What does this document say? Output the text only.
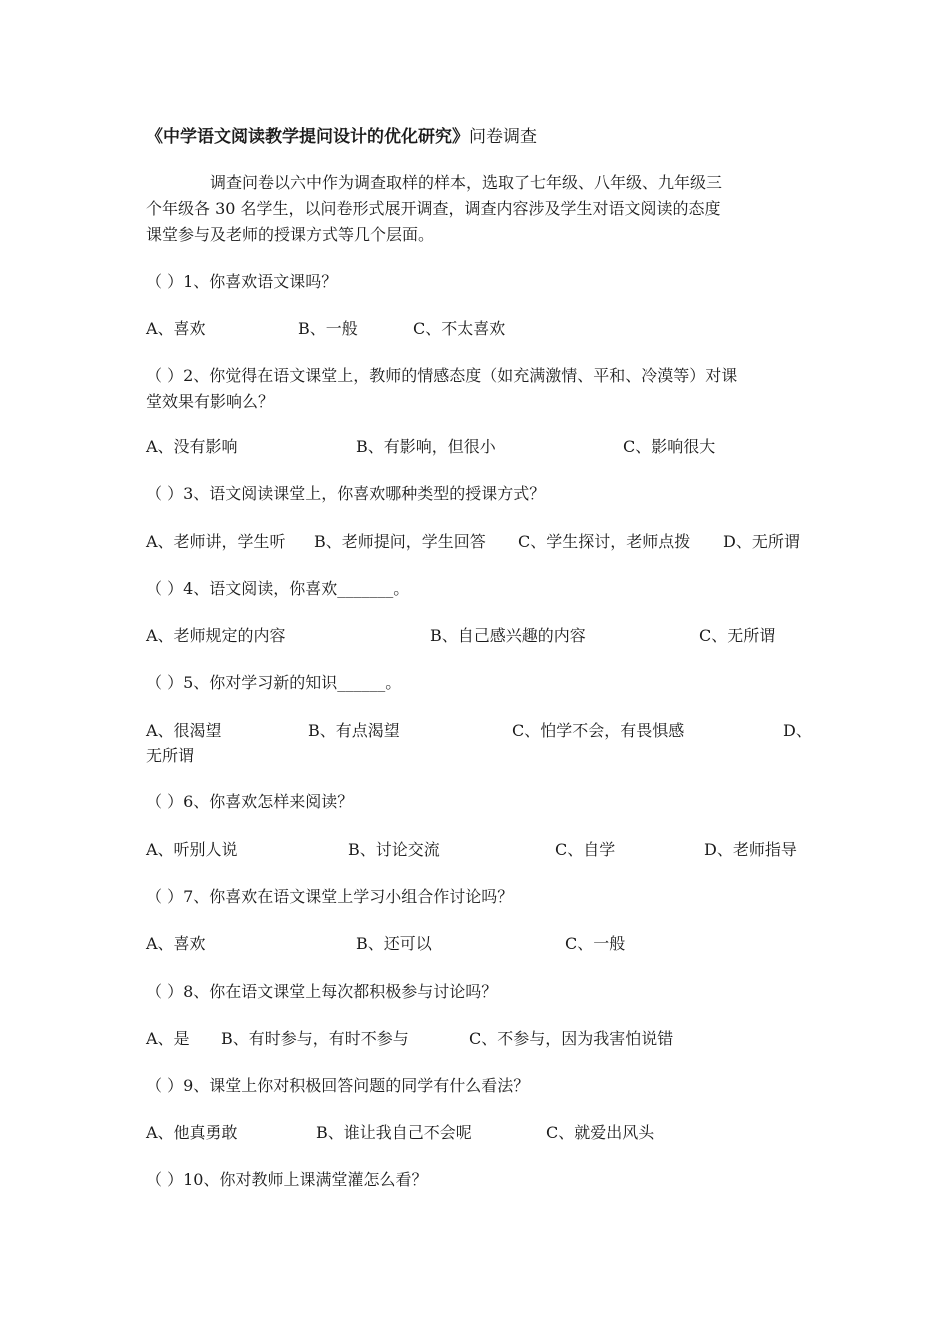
《中学语文阅读教学提问设计的优化研究》问卷调查
调查问卷以六中作为调查取样的样本，选取了七年级、八年级、九年级三
个年级各 30 名学生，以问卷形式展开调查，调查内容涉及学生对语文阅读的态度
课堂参与及老师的授课方式等几个层面。
（ ）1、你喜欢语文课吗？
A、喜欢	B、一般	C、不太喜欢
（ ）2、你觉得在语文课堂上，教师的情感态度（如充满激情、平和、冷漠等）对课
堂效果有影响么？
A、没有影响	B、有影响，但很小	C、影响很大
（ ）3、语文阅读课堂上，你喜欢哪种类型的授课方式？
A、老师讲，学生听 B、老师提问，学生回答 C、学生探讨，老师点拨 D、无所谓
（ ）4、语文阅读，你喜欢_______。
A、老师规定的内容	B、自己感兴趣的内容	C、无所谓
（ ）5、你对学习新的知识______。
A、很渴望	B、有点渴望	C、怕学不会，有畏惧感	D、
无所谓
（ ）6、你喜欢怎样来阅读？
A、听别人说	B、讨论交流	C、自学	D、老师指导
（ ）7、你喜欢在语文课堂上学习小组合作讨论吗？
A、喜欢	B、还可以	C、一般
（ ）8、你在语文课堂上每次都积极参与讨论吗？
A、是 B、有时参与，有时不参与	C、不参与，因为我害怕说错
（ ）9、课堂上你对积极回答问题的同学有什么看法？
A、他真勇敢	B、谁让我自己不会呢	C、就爱出风头
（ ）10、你对教师上课满堂灌怎么看？
